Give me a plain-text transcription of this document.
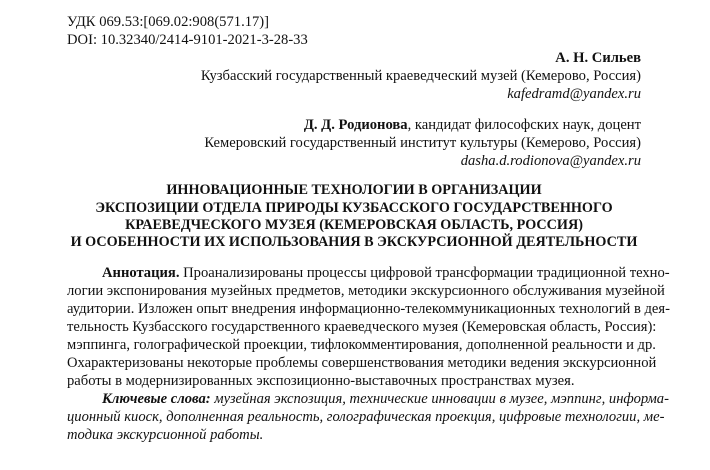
УДК 069.53:[069.02:908(571.17)]
DOI: 10.32340/2414-9101-2021-3-28-33
А. Н. Сильев
Кузбасский государственный краеведческий музей (Кемерово, Россия)
kafedramd@yandex.ru
Д. Д. Родионова, кандидат философских наук, доцент
Кемеровский государственный институт культуры (Кемерово, Россия)
dasha.d.rodionova@yandex.ru
ИННОВАЦИОННЫЕ ТЕХНОЛОГИИ В ОРГАНИЗАЦИИ
ЭКСПОЗИЦИИ ОТДЕЛА ПРИРОДЫ КУЗБАССКОГО ГОСУДАРСТВЕННОГО
КРАЕВЕДЧЕСКОГО МУЗЕЯ (КЕМЕРОВСКАЯ ОБЛАСТЬ, РОССИЯ)
И ОСОБЕННОСТИ ИХ ИСПОЛЬЗОВАНИЯ В ЭКСКУРСИОННОЙ ДЕЯТЕЛЬНОСТИ
Аннотация. Проанализированы процессы цифровой трансформации традиционной техно-
логии экспонирования музейных предметов, методики экскурсионного обслуживания музейной
аудитории. Изложен опыт внедрения информационно-телекоммуникационных технологий в дея-
тельность Кузбасского государственного краеведческого музея (Кемеровская область, Россия):
мэппинга, голографической проекции, тифлокомментирования, дополненной реальности и др.
Охарактеризованы некоторые проблемы совершенствования методики ведения экскурсионной
работы в модернизированных экспозиционно-выставочных пространствах музея.
Ключевые слова: музейная экспозиция, технические инновации в музее, мэппинг, информа-
ционный киоск, дополненная реальность, голографическая проекция, цифровые технологии, ме-
тодика экскурсионной работы.
